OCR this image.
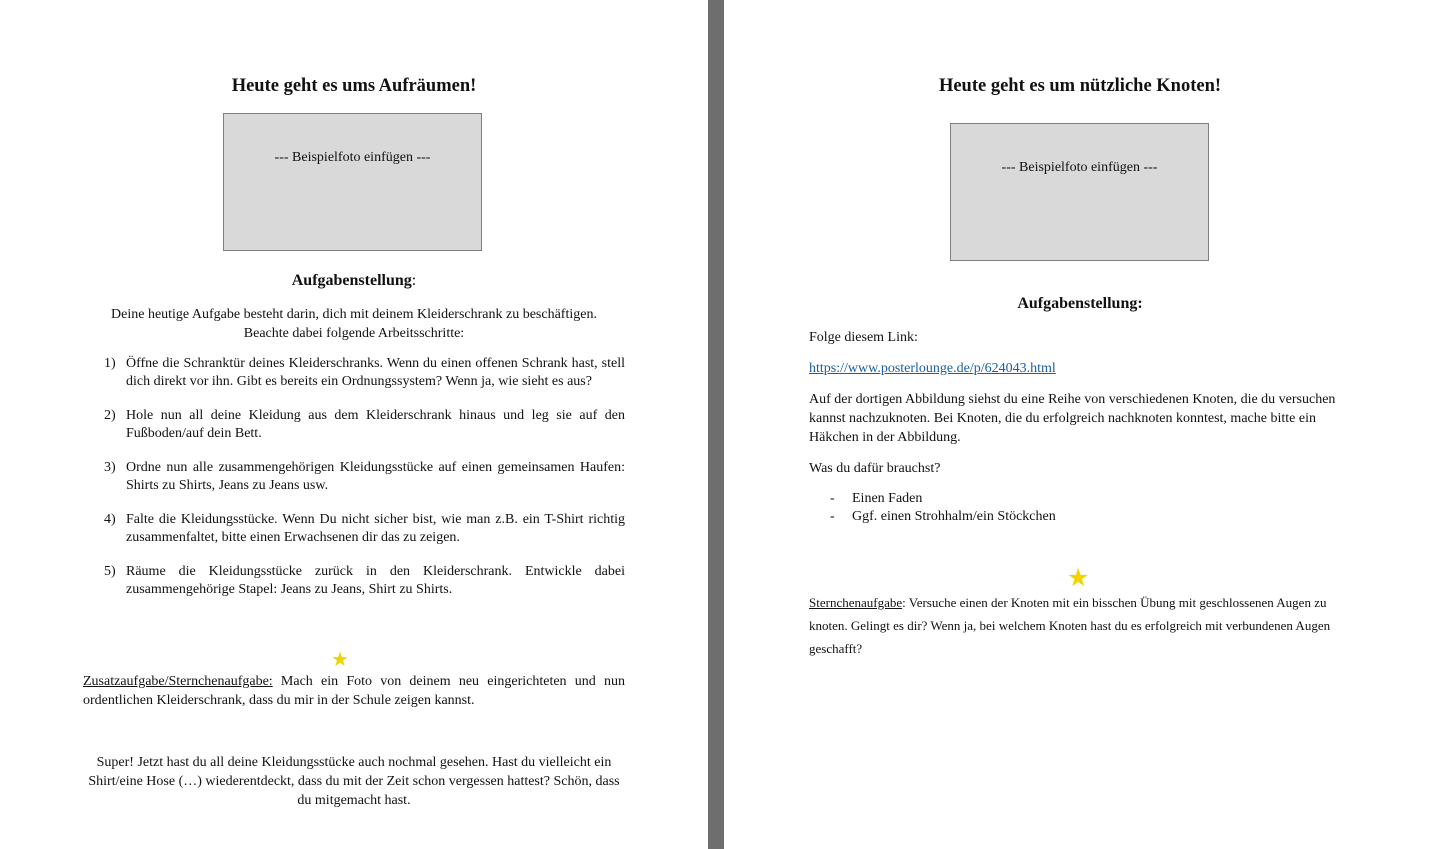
Heute geht es ums Aufräumen!
--- Beispielfoto einfügen ---
Aufgabenstellung:
Deine heutige Aufgabe besteht darin, dich mit deinem Kleiderschrank zu beschäftigen.
Beachte dabei folgende Arbeitsschritte:
1) Öffne die Schranktür deines Kleiderschranks. Wenn du einen offenen Schrank hast, stell dich direkt vor ihn. Gibt es bereits ein Ordnungssystem? Wenn ja, wie sieht es aus?
2) Hole nun all deine Kleidung aus dem Kleiderschrank hinaus und leg sie auf den Fußboden/auf dein Bett.
3) Ordne nun alle zusammengehörigen Kleidungsstücke auf einen gemeinsamen Haufen: Shirts zu Shirts, Jeans zu Jeans usw.
4) Falte die Kleidungsstücke. Wenn Du nicht sicher bist, wie man z.B. ein T-Shirt richtig zusammenfaltet, bitte einen Erwachsenen dir das zu zeigen.
5) Räume die Kleidungsstücke zurück in den Kleiderschrank. Entwickle dabei zusammengehörige Stapel: Jeans zu Jeans, Shirt zu Shirts.
★
Zusatzaufgabe/Sternchenaufgabe: Mach ein Foto von deinem neu eingerichteten und nun ordentlichen Kleiderschrank, dass du mir in der Schule zeigen kannst.
Super! Jetzt hast du all deine Kleidungsstücke auch nochmal gesehen. Hast du vielleicht ein Shirt/eine Hose (…) wiederentdeckt, dass du mit der Zeit schon vergessen hattest? Schön, dass du mitgemacht hast.
Heute geht es um nützliche Knoten!
--- Beispielfoto einfügen ---
Aufgabenstellung:
Folge diesem Link:
https://www.posterlounge.de/p/624043.html
Auf der dortigen Abbildung siehst du eine Reihe von verschiedenen Knoten, die du versuchen kannst nachzuknoten. Bei Knoten, die du erfolgreich nachknoten konntest, mache bitte ein Häkchen in der Abbildung.
Was du dafür brauchst?
- Einen Faden
- Ggf. einen Strohhalm/ein Stöckchen
★
Sternchenaufgabe: Versuche einen der Knoten mit ein bisschen Übung mit geschlossenen Augen zu knoten. Gelingt es dir? Wenn ja, bei welchem Knoten hast du es erfolgreich mit verbundenen Augen geschafft?
